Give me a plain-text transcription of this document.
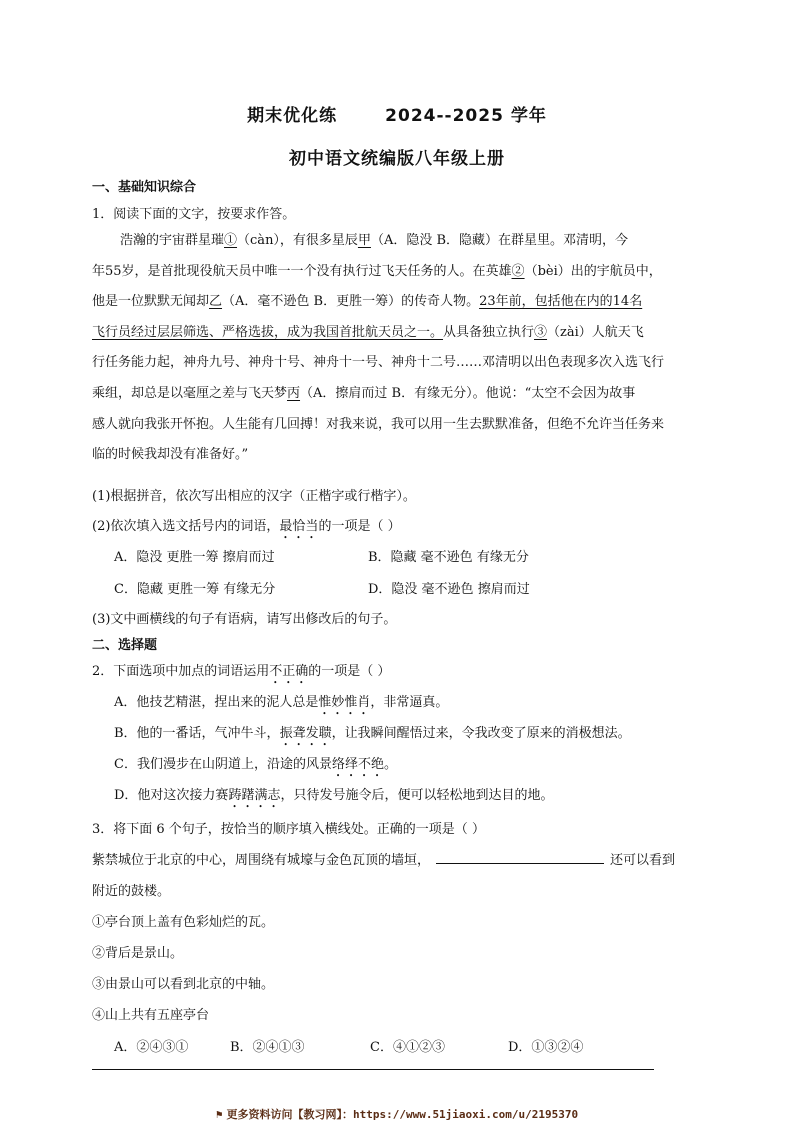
期末优化练	2024--2025 学年
初中语文统编版八年级上册
一、基础知识综合
1．阅读下面的文字，按要求作答。
浩瀚的宇宙群星璀①（càn），有很多星辰甲（A．隐没 B．隐藏）在群星里。邓清明，今
年55岁，是首批现役航天员中唯一一个没有执行过飞天任务的人。在英雄②（bèi）出的宇航员中，
他是一位默默无闻却乙（A．毫不逊色 B．更胜一筹）的传奇人物。23年前，包括他在内的14名
飞行员经过层层筛选、严格选拔，成为我国首批航天员之一。从具备独立执行③（zài）人航天飞
行任务能力起，神舟九号、神舟十号、神舟十一号、神舟十二号……邓清明以出色表现多次入选飞行
乘组，却总是以毫厘之差与飞天梦丙（A．擦肩而过 B．有缘无分）。他说：“太空不会因为故事
感人就向我张开怀抱。人生能有几回搏！对我来说，我可以用一生去默默准备，但绝不允许当任务来
临的时候我却没有准备好。”
(1)根据拼音，依次写出相应的汉字（正楷字或行楷字）。
(2)依次填入选文括号内的词语，最恰当的一项是（ ）
A．隐没 更胜一筹 擦肩而过	B．隐藏 毫不逊色 有缘无分
C．隐藏 更胜一筹 有缘无分	D．隐没 毫不逊色 擦肩而过
(3)文中画横线的句子有语病，请写出修改后的句子。
二、选择题
2．下面选项中加点的词语运用不正确的一项是（ ）
A．他技艺精湛，捏出来的泥人总是惟妙惟肖，非常逼真。
B．他的一番话，气冲牛斗，振聋发聩，让我瞬间醒悟过来，令我改变了原来的消极想法。
C．我们漫步在山阴道上，沿途的风景络绎不绝。
D．他对这次接力赛踌躇满志，只待发号施令后，便可以轻松地到达目的地。
3．将下面 6 个句子，按恰当的顺序填入横线处。正确的一项是（ ）
紫禁城位于北京的中心，周围绕有城壕与金色瓦顶的墙垣，	还可以看到
附近的鼓楼。
①亭台顶上盖有色彩灿烂的瓦。
②背后是景山。
③由景山可以看到北京的中轴。
④山上共有五座亭台
A．②④③①	B．②④①③	C．④①②③	D．①③②④
⚑ 更多资料访问【教习网】：https://www.51jiaoxi.com/u/2195370
